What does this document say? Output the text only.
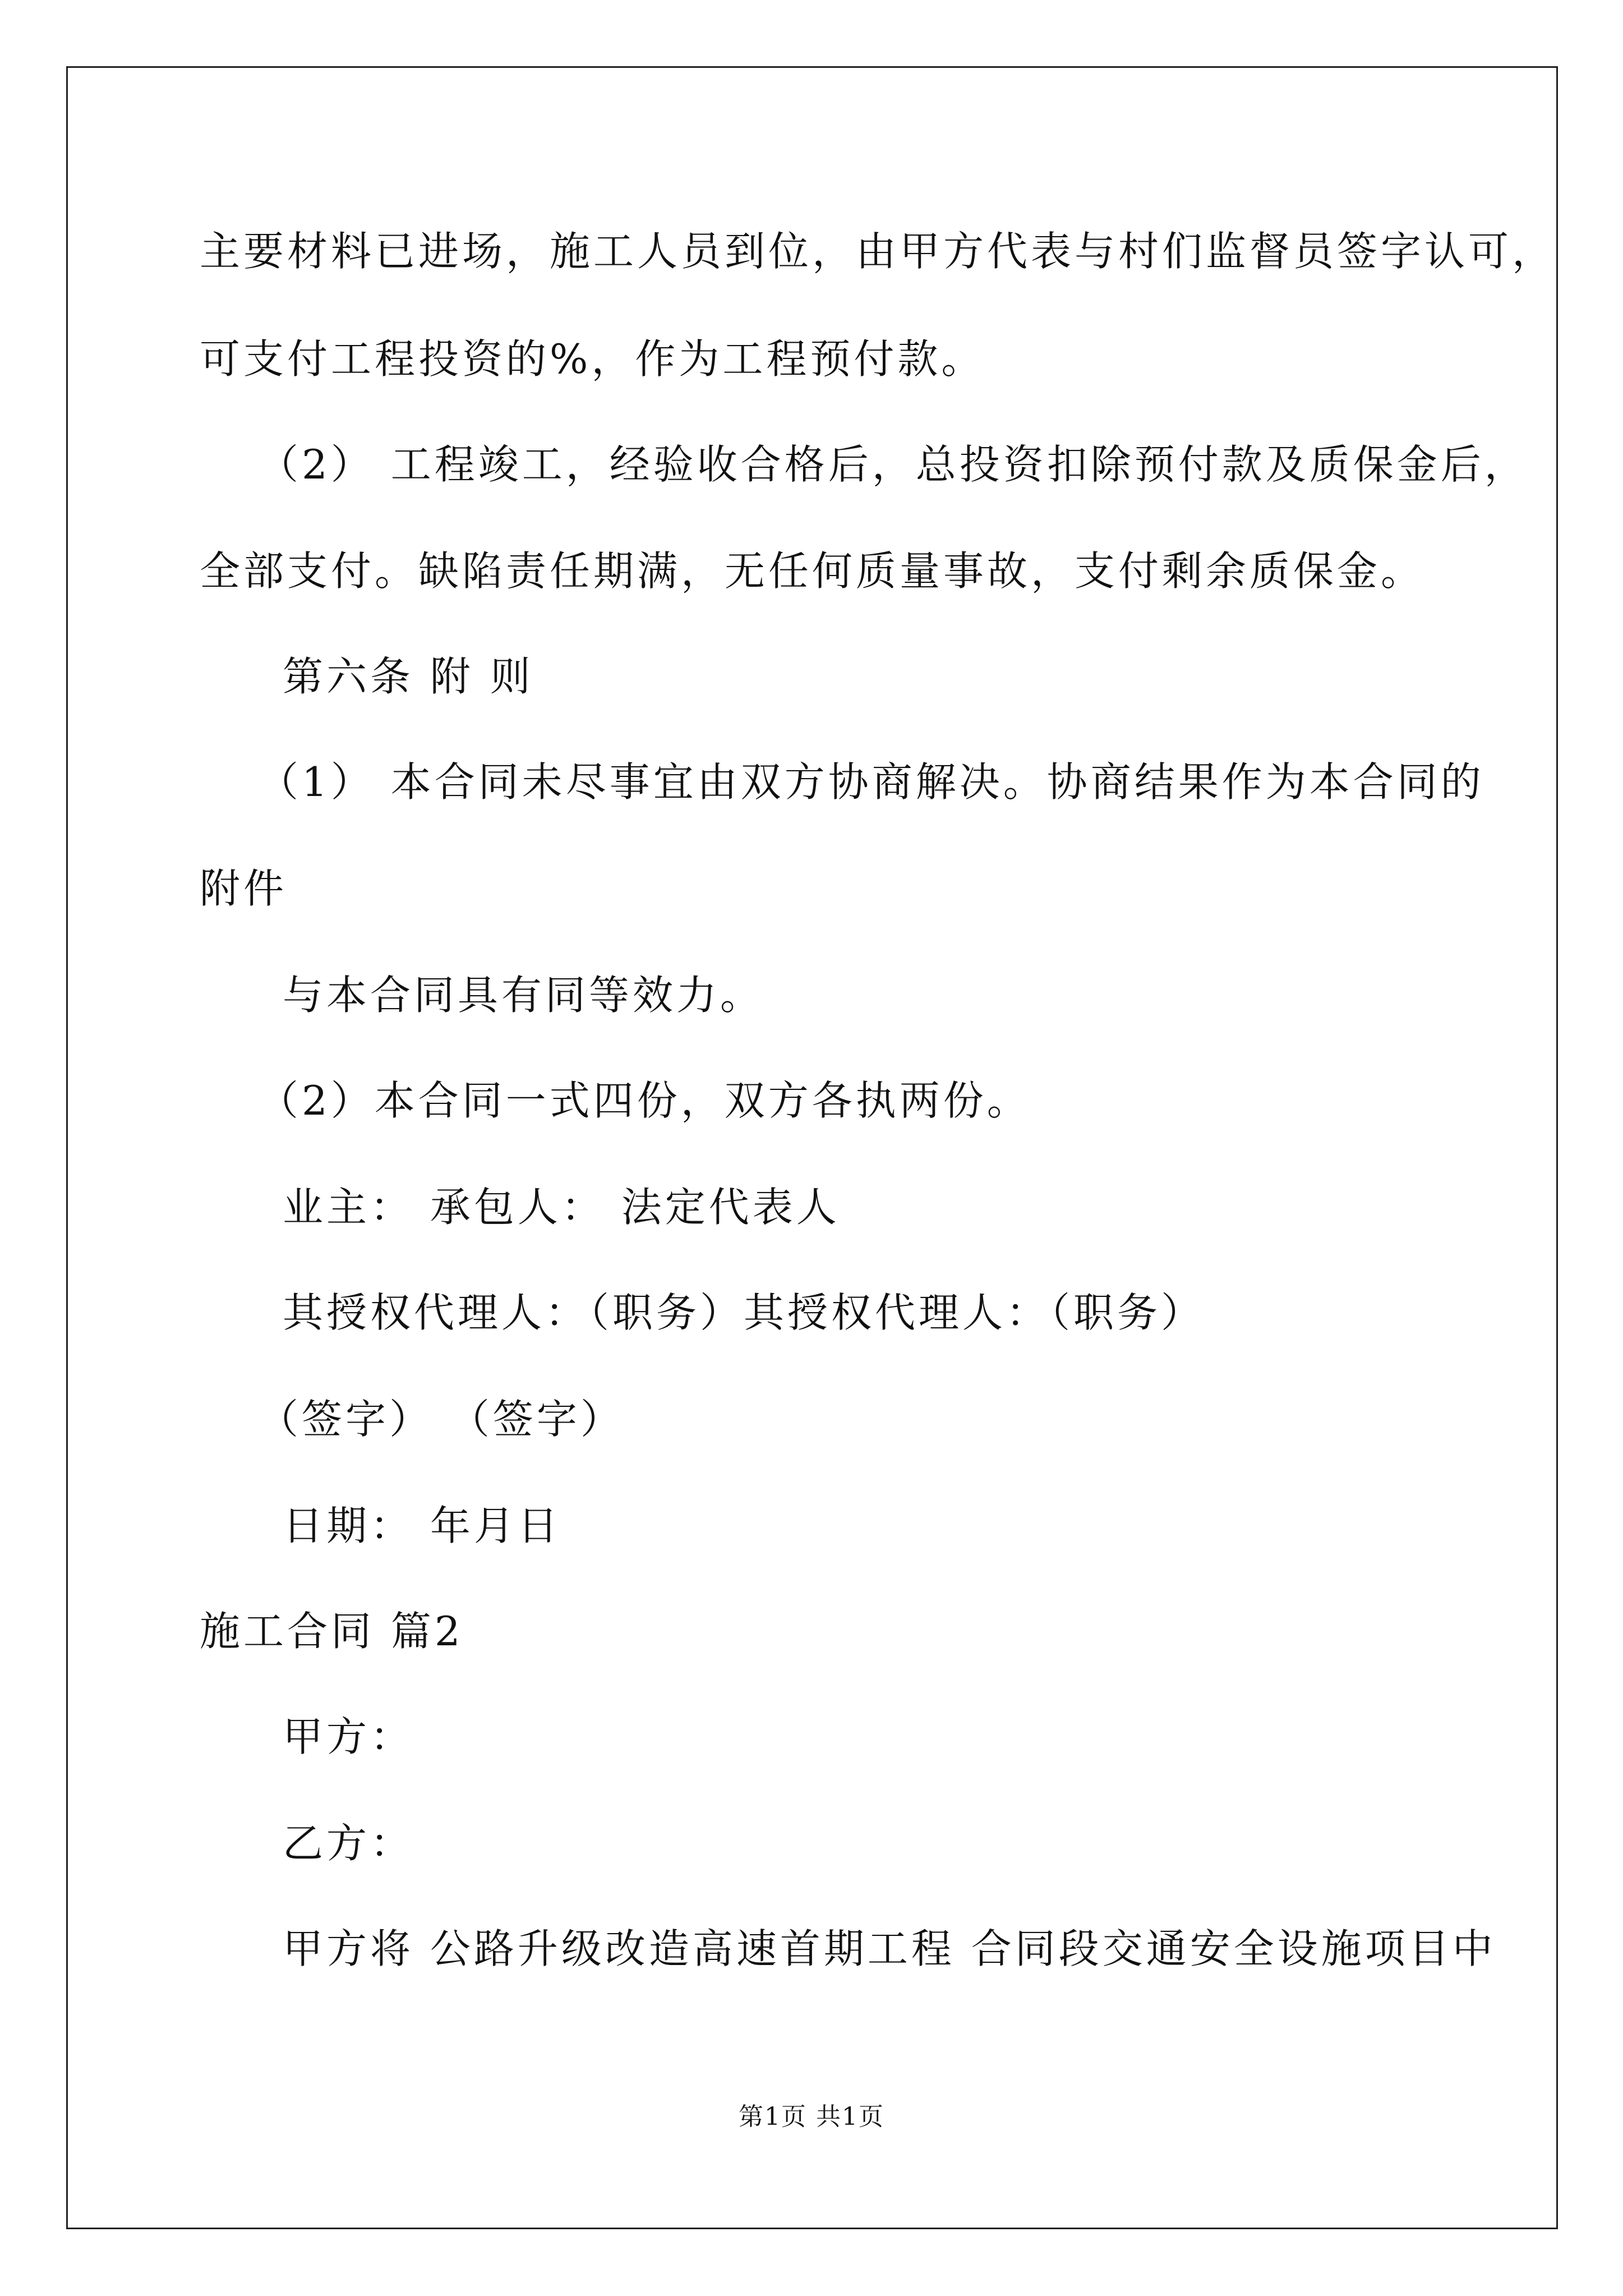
主要材料已进场，施工人员到位，由甲方代表与村们监督员签字认可，
可支付工程投资的%，作为工程预付款。
（2） 工程竣工，经验收合格后，总投资扣除预付款及质保金后，
全部支付。缺陷责任期满，无任何质量事故，支付剩余质保金。
第六条 附 则
（1） 本合同未尽事宜由双方协商解决。协商结果作为本合同的
附件
与本合同具有同等效力。
（2）本合同一式四份，双方各执两份。
业主： 承包人： 法定代表人
其授权代理人：（职务）其授权代理人：（职务）
（签字） （签字）
日期： 年月日
施工合同 篇2
甲方：
乙方：
甲方将 公路升级改造高速首期工程 合同段交通安全设施项目中
第1页 共1页
